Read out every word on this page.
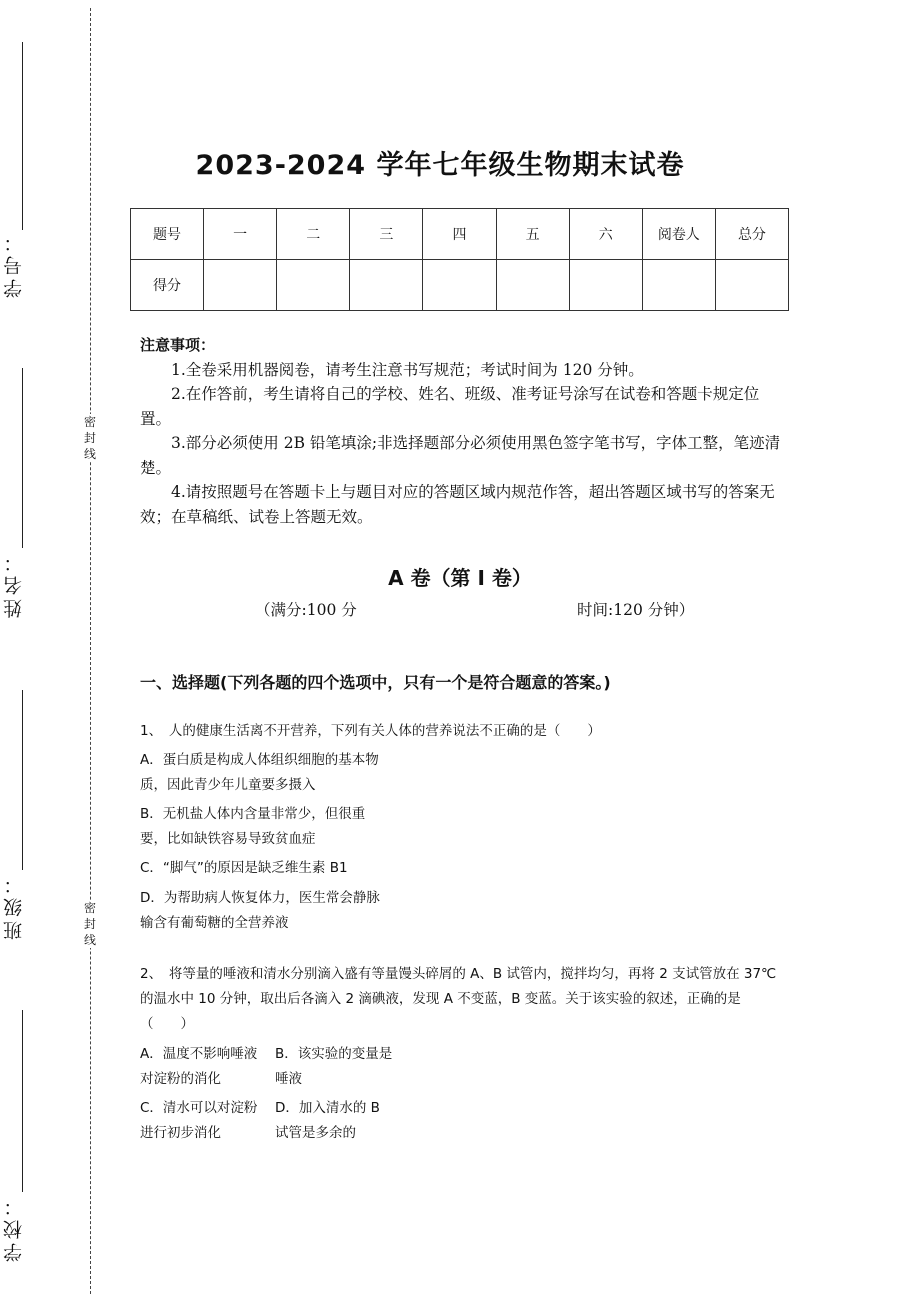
学号：
姓名：
班级：
学校：
密
封
线
密
封
线
2023-2024 学年七年级生物期末试卷
题号	一	二	三	四	五	六	阅卷人	总分
得分								
注意事项：

1.全卷采用机器阅卷，请考生注意书写规范；考试时间为 120 分钟。

2.在作答前，考生请将自己的学校、姓名、班级、准考证号涂写在试卷和答题卡规定位置。

3.部分必须使用 2B 铅笔填涂;非选择题部分必须使用黑色签字笔书写，字体工整，笔迹清楚。

4.请按照题号在答题卡上与题目对应的答题区域内规范作答，超出答题区域书写的答案无效；在草稿纸、试卷上答题无效。

A 卷（第 I 卷）
（满分:100 分	时间:120 分钟）
一、选择题(下列各题的四个选项中，只有一个是符合题意的答案。)
1、　人的健康生活离不开营养，下列有关人体的营养说法不正确的是（　　）
A．蛋白质是构成人体组织细胞的基本物质，因此青少年儿童要多摄入
B．无机盐人体内含量非常少，但很重要，比如缺铁容易导致贫血症
C．“脚气”的原因是缺乏维生素 B1
D．为帮助病人恢复体力，医生常会静脉输含有葡萄糖的全营养液
2、　将等量的唾液和清水分别滴入盛有等量馒头碎屑的 A、B 试管内，搅拌均匀，再将 2 支试管放在 37℃的温水中 10 分钟，取出后各滴入 2 滴碘液，发现 A 不变蓝，B 变蓝。关于该实验的叙述，正确的是（　　）
A．温度不影响唾液对淀粉的消化
B．该实验的变量是唾液
C．清水可以对淀粉进行初步消化
D．加入清水的 B 试管是多余的
